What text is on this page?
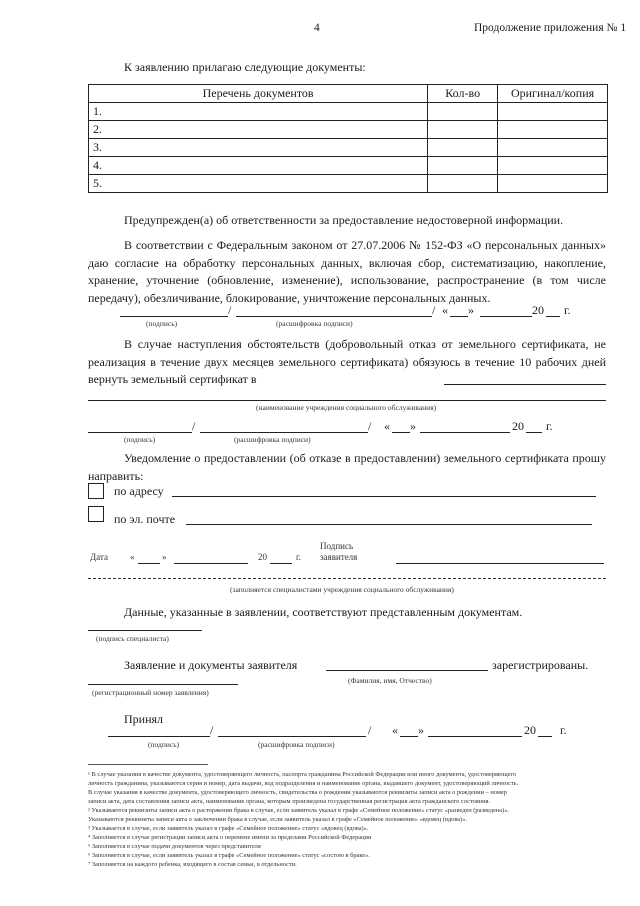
4	Продолжение приложения № 1
К заявлению прилагаю следующие документы:
Перечень документов	Кол-во	Оригинал/копия
1.		
2.		
3.		
4.		
5.		
Предупрежден(а) об ответственности за предоставление недостоверной информации.
В соответствии с Федеральным законом от 27.07.2006 № 152-ФЗ «О персональных данных» даю согласие на обработку персональных данных, включая сбор, систематизацию, накопление, хранение, уточнение (обновление, изменение), использование, распространение (в том числе передачу), обезличивание, блокирование, уничтожение персональных данных.
/	/ « »	20 г.
(подпись)	(расшифровка подписи)
В случае наступления обстоятельств (добровольный отказ от земельного сертификата, не реализация в течение двух месяцев земельного сертификата) обязуюсь в течение 10 рабочих дней вернуть земельный сертификат в
(наименование учреждения социального обслуживания)
/	/ « »	20 г.
(подпись)	(расшифровка подписи)
Уведомление о предоставлении (об отказе в предоставлении) земельного сертификата прошу направить:
по адресу
по эл. почте
Подпись
Дата «	»	20	г. заявителя
(заполняется специалистами учреждения социального обслуживания)
Данные, указанные в заявлении, соответствуют представленным документам.
(подпись специалиста)
Заявление и документы заявителя	зарегистрированы.
(регистрационный номер заявления)
(Фамилия, имя, Отчество)
Принял
/	/ « »	20 г.
(подпись)	(расшифровка подписи)
¹ В случае указания в качестве документа, удостоверяющего личность, паспорта гражданина Российской Федерации или иного документа, удостоверяющего
личность гражданина, указываются серия и номер, дата выдачи, код подразделения и наименование органа, выдавшего документ, удостоверяющий личность.
В случае указания в качестве документа, удостоверяющего личность, свидетельства о рождении указываются реквизиты записи акта о рождении – номер
записи акта, дата составления записи акта, наименование органа, которым произведена государственная регистрация акта гражданского состояния.
² Указываются реквизиты записи акта о расторжении брака в случае, если заявитель указал в графе «Семейное положение» статус «разведен (разведена)».
Указываются реквизиты записи акта о заключении брака в случае, если заявитель указал в графе «Семейное положение» «вдовец (вдова)».
³ Указывается в случае, если заявитель указал в графе «Семейное положение» статус «вдовец (вдова)».
⁴ Заполняется в случае регистрации записи акта о перемене имени за пределами Российской Федерации
⁵ Заполняется в случае подачи документов через представителя
⁶ Заполняется в случае, если заявитель указал в графе «Семейное положение» статус «состою в браке».
⁷ Заполняется на каждого ребенка, входящего в состав семьи, в отдельности.
